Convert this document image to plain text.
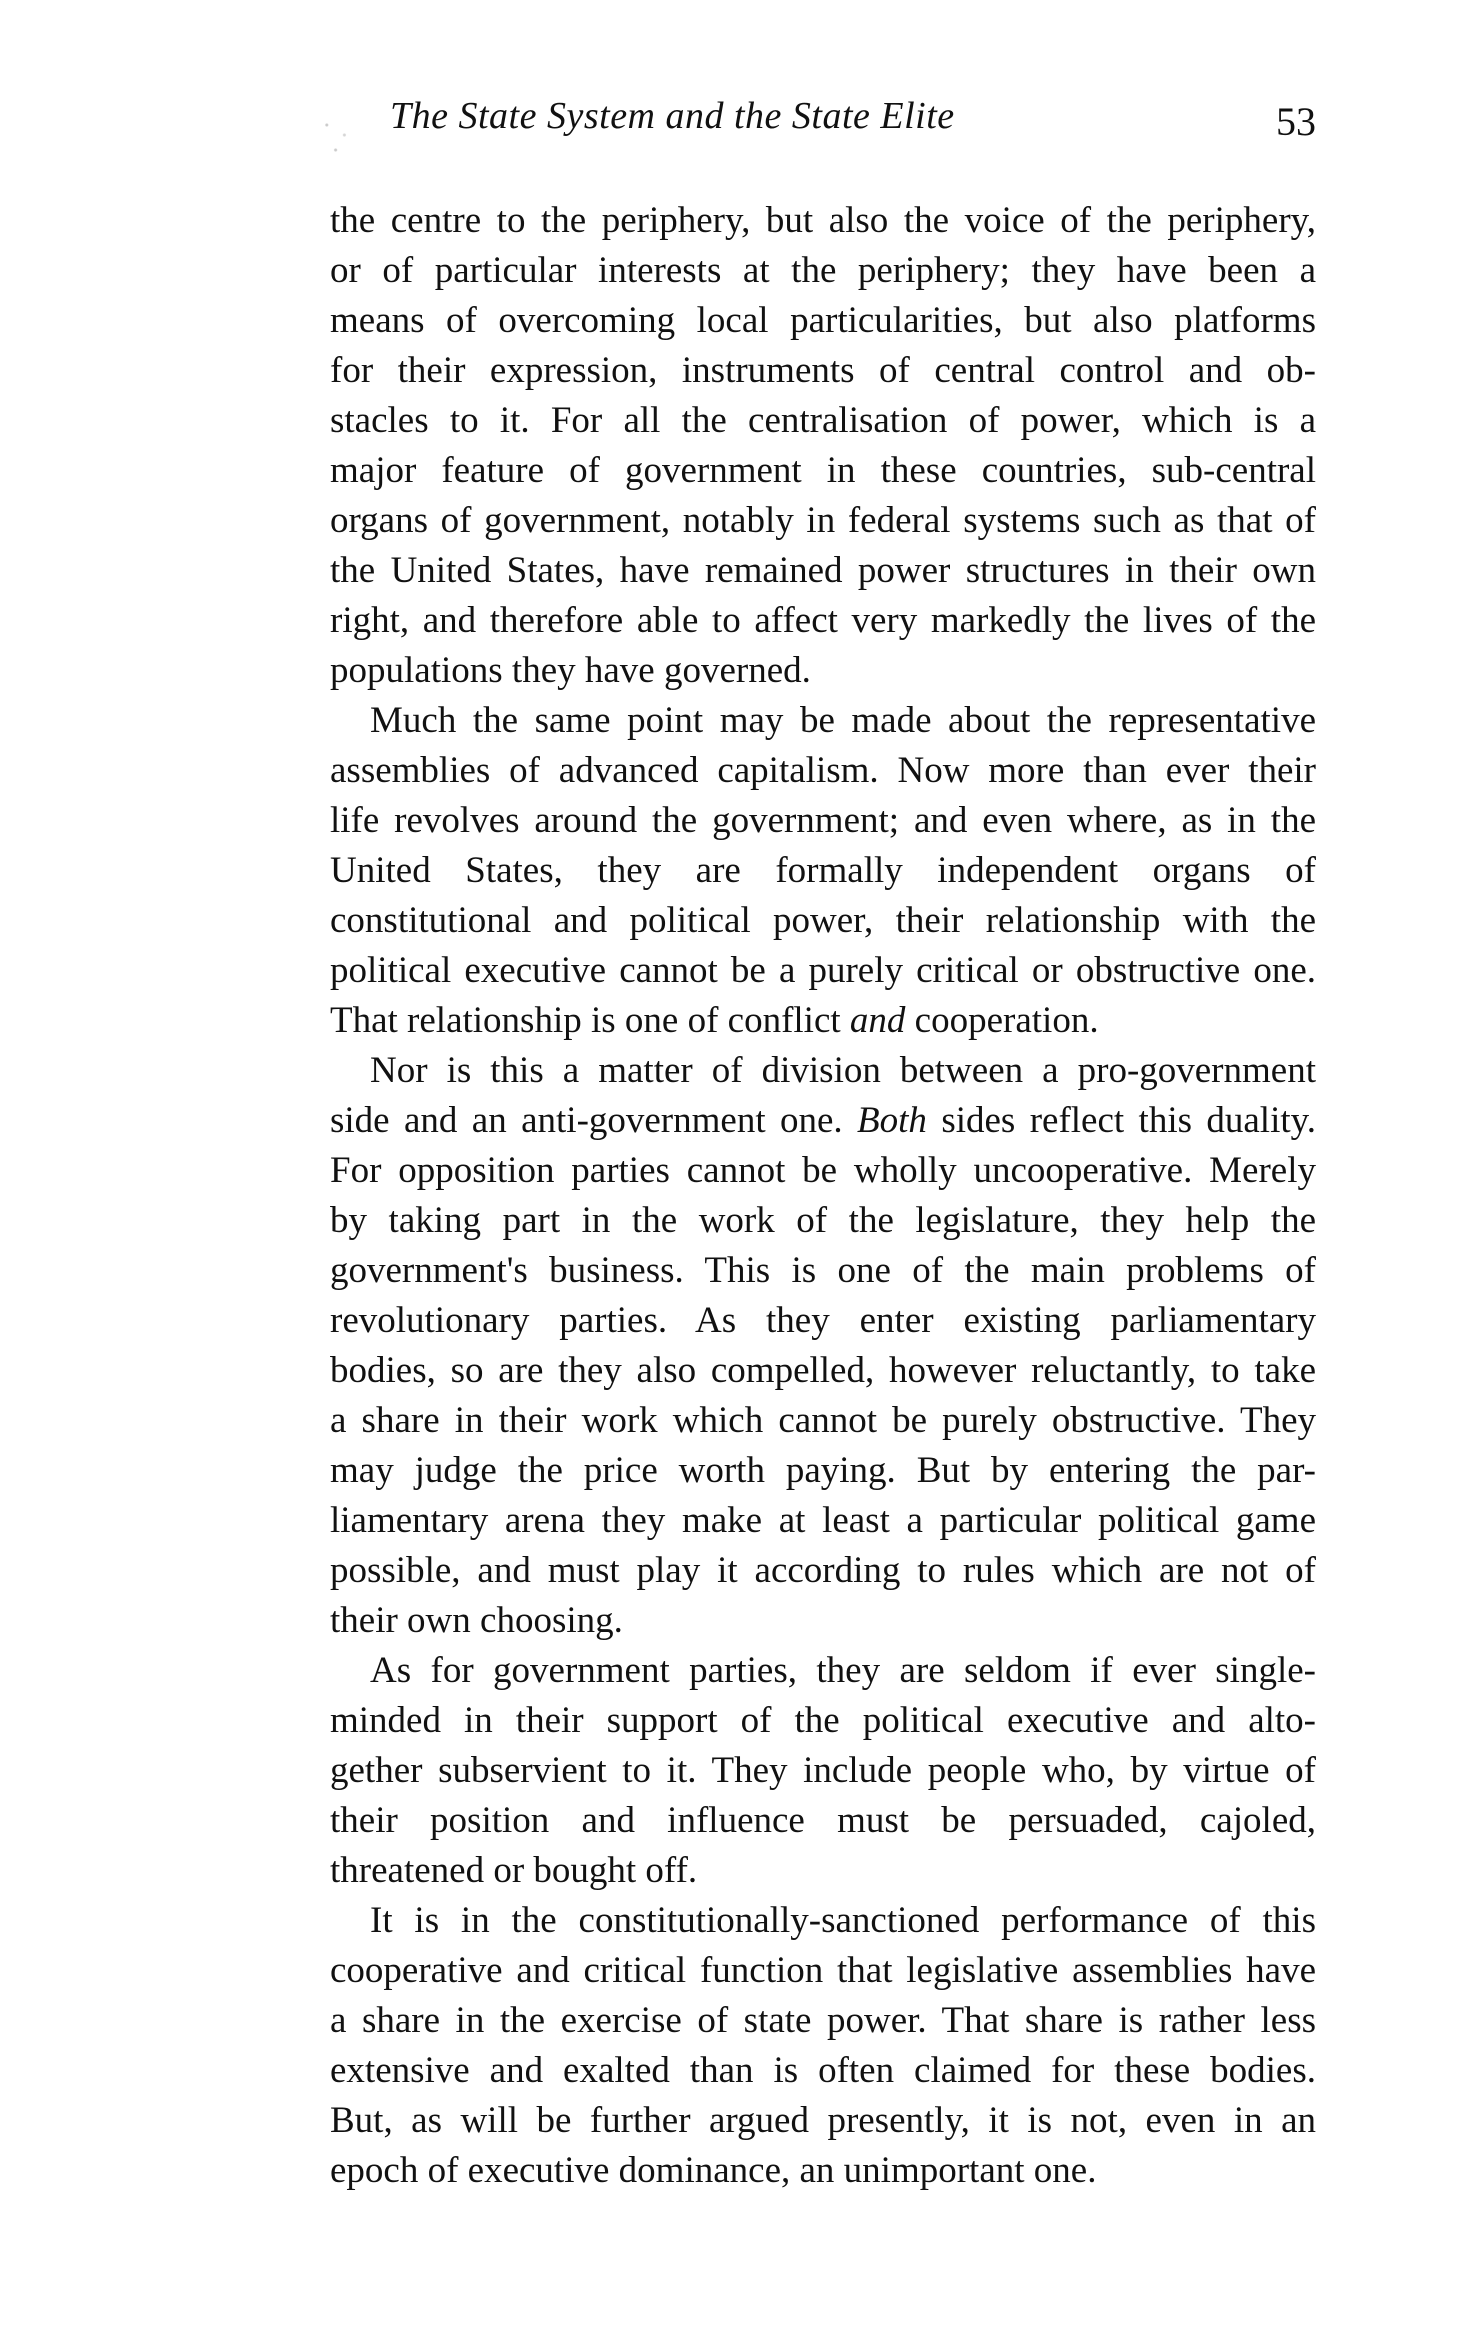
The State System and the State Elite	53
the centre to the periphery, but also the voice of the periphery,
or of particular interests at the periphery; they have been a
means of overcoming local particularities, but also platforms
for their expression, instruments of central control and ob-
stacles to it. For all the centralisation of power, which is a
major feature of government in these countries, sub-central
organs of government, notably in federal systems such as that of
the United States, have remained power structures in their own
right, and therefore able to affect very markedly the lives of the
populations they have governed.
Much the same point may be made about the representative
assemblies of advanced capitalism. Now more than ever their
life revolves around the government; and even where, as in the
United States, they are formally independent organs of
constitutional and political power, their relationship with the
political executive cannot be a purely critical or obstructive one.
That relationship is one of conflict and cooperation.
Nor is this a matter of division between a pro-government
side and an anti-government one. Both sides reflect this duality.
For opposition parties cannot be wholly uncooperative. Merely
by taking part in the work of the legislature, they help the
government's business. This is one of the main problems of
revolutionary parties. As they enter existing parliamentary
bodies, so are they also compelled, however reluctantly, to take
a share in their work which cannot be purely obstructive. They
may judge the price worth paying. But by entering the par-
liamentary arena they make at least a particular political game
possible, and must play it according to rules which are not of
their own choosing.
As for government parties, they are seldom if ever single-
minded in their support of the political executive and alto-
gether subservient to it. They include people who, by virtue of
their position and influence must be persuaded, cajoled,
threatened or bought off.
It is in the constitutionally-sanctioned performance of this
cooperative and critical function that legislative assemblies have
a share in the exercise of state power. That share is rather less
extensive and exalted than is often claimed for these bodies.
But, as will be further argued presently, it is not, even in an
epoch of executive dominance, an unimportant one.
